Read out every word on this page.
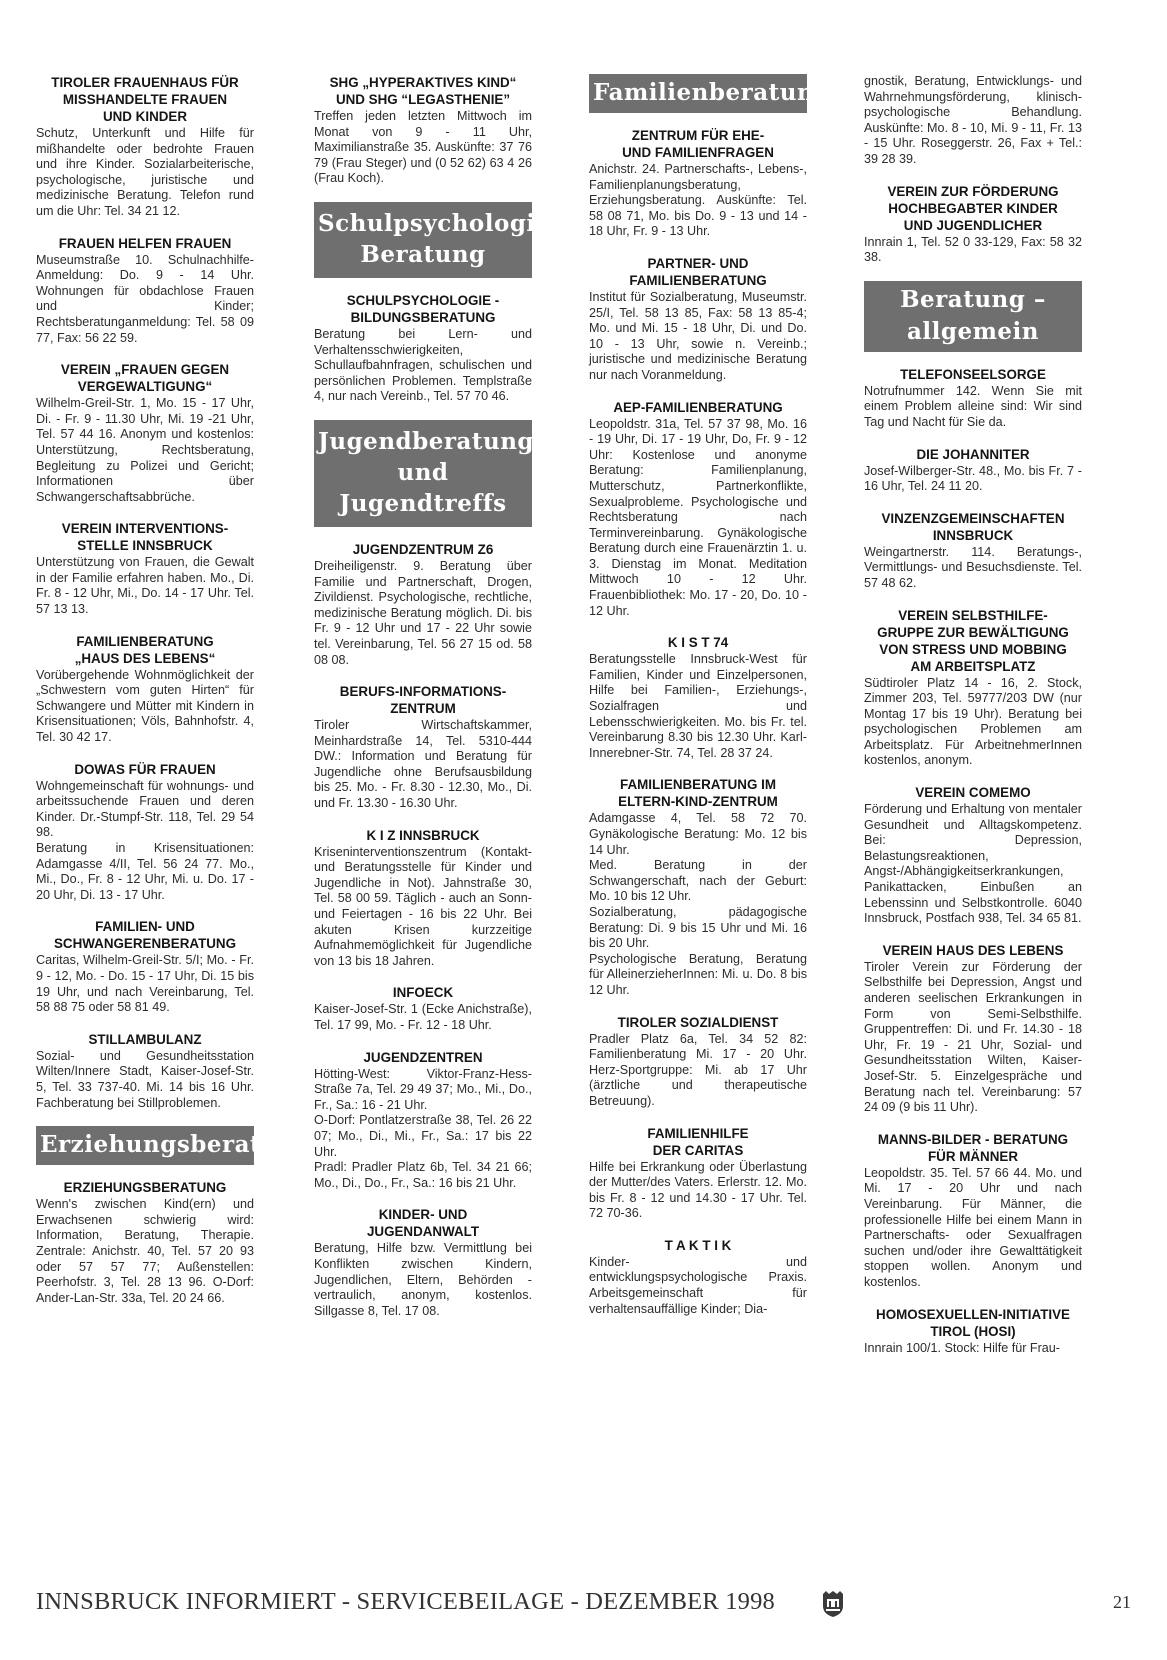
TIROLER FRAUENHAUS FÜR
MISSHANDELTE FRAUEN
UND KINDER
Schutz, Unterkunft und Hilfe für mißhandelte oder bedrohte Frauen und ihre Kinder. Sozialarbeiterische, psychologische, juristische und medizinische Beratung. Telefon rund um die Uhr: Tel. 34 21 12.
FRAUEN HELFEN FRAUEN
Museumstraße 10. Schulnachhilfe-Anmeldung: Do. 9 - 14 Uhr. Wohnungen für obdachlose Frauen und Kinder; Rechtsberatunganmeldung: Tel. 58 09 77, Fax: 56 22 59.
VEREIN „FRAUEN GEGEN
VERGEWALTIGUNG“
Wilhelm-Greil-Str. 1, Mo. 15 - 17 Uhr, Di. - Fr. 9 - 11.30 Uhr, Mi. 19 -21 Uhr, Tel. 57 44 16. Anonym und kostenlos: Unterstützung, Rechtsberatung, Begleitung zu Polizei und Gericht; Informationen über Schwangerschaftsabbrüche.
VEREIN INTERVENTIONS-
STELLE INNSBRUCK
Unterstützung von Frauen, die Gewalt in der Familie erfahren haben. Mo., Di. Fr. 8 - 12 Uhr, Mi., Do. 14 - 17 Uhr. Tel. 57 13 13.
FAMILIENBERATUNG
„HAUS DES LEBENS“
Vorübergehende Wohnmöglichkeit der „Schwestern vom guten Hirten“ für Schwangere und Mütter mit Kindern in Krisensituationen; Völs, Bahnhofstr. 4, Tel. 30 42 17.
DOWAS FÜR FRAUEN
Wohngemeinschaft für wohnungs- und arbeitssuchende Frauen und deren Kinder. Dr.-Stumpf-Str. 118, Tel. 29 54 98.
Beratung in Krisensituationen: Adamgasse 4/II, Tel. 56 24 77. Mo., Mi., Do., Fr. 8 - 12 Uhr, Mi. u. Do. 17 - 20 Uhr, Di. 13 - 17 Uhr.
FAMILIEN- UND
SCHWANGERENBERATUNG
Caritas, Wilhelm-Greil-Str. 5/I; Mo. - Fr. 9 - 12, Mo. - Do. 15 - 17 Uhr, Di. 15 bis 19 Uhr, und nach Vereinbarung, Tel. 58 88 75 oder 58 81 49.
STILLAMBULANZ
Sozial- und Gesundheitsstation Wilten/Innere Stadt, Kaiser-Josef-Str. 5, Tel. 33 737-40. Mi. 14 bis 16 Uhr. Fachberatung bei Stillproblemen.
Erziehungsberatung
ERZIEHUNGSBERATUNG
Wenn's zwischen Kind(ern) und Erwachsenen schwierig wird: Information, Beratung, Therapie. Zentrale: Anichstr. 40, Tel. 57 20 93 oder 57 57 77; Außenstellen: Peerhofstr. 3, Tel. 28 13 96. O-Dorf: Ander-Lan-Str. 33a, Tel. 20 24 66.
SHG „HYPERAKTIVES KIND“
UND SHG “LEGASTHENIE”
Treffen jeden letzten Mittwoch im Monat von 9 - 11 Uhr, Maximilianstraße 35. Auskünfte: 37 76 79 (Frau Steger) und (0 52 62) 63 4 26 (Frau Koch).
Schulpsychologische
Beratung
SCHULPSYCHOLOGIE -
BILDUNGSBERATUNG
Beratung bei Lern- und Verhaltensschwierigkeiten, Schullaufbahnfragen, schulischen und persönlichen Problemen. Templstraße 4, nur nach Vereinb., Tel. 57 70 46.
Jugendberatung
und Jugendtreffs
JUGENDZENTRUM Z6
Dreiheiligenstr. 9. Beratung über Familie und Partnerschaft, Drogen, Zivildienst. Psychologische, rechtliche, medizinische Beratung möglich. Di. bis Fr. 9 - 12 Uhr und 17 - 22 Uhr sowie tel. Vereinbarung, Tel. 56 27 15 od. 58 08 08.
BERUFS-INFORMATIONS-
ZENTRUM
Tiroler Wirtschaftskammer, Meinhardstraße 14, Tel. 5310-444 DW.: Information und Beratung für Jugendliche ohne Berufsausbildung bis 25. Mo. - Fr. 8.30 - 12.30, Mo., Di. und Fr. 13.30 - 16.30 Uhr.
K I Z INNSBRUCK
Kriseninterventionszentrum (Kontakt- und Beratungsstelle für Kinder und Jugendliche in Not). Jahnstraße 30, Tel. 58 00 59. Täglich - auch an Sonn- und Feiertagen - 16 bis 22 Uhr. Bei akuten Krisen kurzzeitige Aufnahmemöglichkeit für Jugendliche von 13 bis 18 Jahren.
INFOECK
Kaiser-Josef-Str. 1 (Ecke Anichstraße), Tel. 17 99, Mo. - Fr. 12 - 18 Uhr.
JUGENDZENTREN
Hötting-West: Viktor-Franz-Hess-Straße 7a, Tel. 29 49 37; Mo., Mi., Do., Fr., Sa.: 16 - 21 Uhr.
O-Dorf: Pontlatzerstraße 38, Tel. 26 22 07; Mo., Di., Mi., Fr., Sa.: 17 bis 22 Uhr.
Pradl: Pradler Platz 6b, Tel. 34 21 66; Mo., Di., Do., Fr., Sa.: 16 bis 21 Uhr.
KINDER- UND
JUGENDANWALT
Beratung, Hilfe bzw. Vermittlung bei Konflikten zwischen Kindern, Jugendlichen, Eltern, Behörden - vertraulich, anonym, kostenlos. Sillgasse 8, Tel. 17 08.
Familienberatung
ZENTRUM FÜR EHE-
UND FAMILIENFRAGEN
Anichstr. 24. Partnerschafts-, Lebens-, Familienplanungsberatung, Erziehungsberatung. Auskünfte: Tel. 58 08 71, Mo. bis Do. 9 - 13 und 14 - 18 Uhr, Fr. 9 - 13 Uhr.
PARTNER- UND
FAMILIENBERATUNG
Institut für Sozialberatung, Museumstr. 25/I, Tel. 58 13 85, Fax: 58 13 85-4; Mo. und Mi. 15 - 18 Uhr, Di. und Do. 10 - 13 Uhr, sowie n. Vereinb.; juristische und medizinische Beratung nur nach Voranmeldung.
AEP-FAMILIENBERATUNG
Leopoldstr. 31a, Tel. 57 37 98, Mo. 16 - 19 Uhr, Di. 17 - 19 Uhr, Do, Fr. 9 - 12 Uhr: Kostenlose und anonyme Beratung: Familienplanung, Mutterschutz, Partnerkonflikte, Sexualprobleme. Psychologische und Rechtsberatung nach Terminvereinbarung. Gynäkologische Beratung durch eine Frauenärztin 1. u. 3. Dienstag im Monat. Meditation Mittwoch 10 - 12 Uhr. Frauenbibliothek: Mo. 17 - 20, Do. 10 - 12 Uhr.
K I S T 74
Beratungsstelle Innsbruck-West für Familien, Kinder und Einzelpersonen, Hilfe bei Familien-, Erziehungs-, Sozialfragen und Lebensschwierigkeiten. Mo. bis Fr. tel. Vereinbarung 8.30 bis 12.30 Uhr. Karl-Innerebner-Str. 74, Tel. 28 37 24.
FAMILIENBERATUNG IM
ELTERN-KIND-ZENTRUM
Adamgasse 4, Tel. 58 72 70. Gynäkologische Beratung: Mo. 12 bis 14 Uhr.
Med. Beratung in der Schwangerschaft, nach der Geburt: Mo. 10 bis 12 Uhr.
Sozialberatung, pädagogische Beratung: Di. 9 bis 15 Uhr und Mi. 16 bis 20 Uhr.
Psychologische Beratung, Beratung für AlleinerzieherInnen: Mi. u. Do. 8 bis 12 Uhr.
TIROLER SOZIALDIENST
Pradler Platz 6a, Tel. 34 52 82: Familienberatung Mi. 17 - 20 Uhr. Herz-Sportgruppe: Mi. ab 17 Uhr (ärztliche und therapeutische Betreuung).
FAMILIENHILFE
DER CARITAS
Hilfe bei Erkrankung oder Überlastung der Mutter/des Vaters. Erlerstr. 12. Mo. bis Fr. 8 - 12 und 14.30 - 17 Uhr. Tel. 72 70-36.
T A K T I K
Kinder- und entwicklungspsychologische Praxis. Arbeitsgemeinschaft für verhaltensauffällige Kinder; Dia-
gnostik, Beratung, Entwicklungs- und Wahrnehmungsförderung, klinisch-psychologische Behandlung. Auskünfte: Mo. 8 - 10, Mi. 9 - 11, Fr. 13 - 15 Uhr. Roseggerstr. 26, Fax + Tel.: 39 28 39.
VEREIN ZUR FÖRDERUNG
HOCHBEGABTER KINDER
UND JUGENDLICHER
Innrain 1, Tel. 52 0 33-129, Fax: 58 32 38.
Beratung – allgemein
TELEFONSEELSORGE
Notrufnummer 142. Wenn Sie mit einem Problem alleine sind: Wir sind Tag und Nacht für Sie da.
DIE JOHANNITER
Josef-Wilberger-Str. 48., Mo. bis Fr. 7 - 16 Uhr, Tel. 24 11 20.
VINZENZGEMEINSCHAFTEN
INNSBRUCK
Weingartnerstr. 114. Beratungs-, Vermittlungs- und Besuchsdienste. Tel. 57 48 62.
VEREIN SELBSTHILFE-
GRUPPE ZUR BEWÄLTIGUNG
VON STRESS UND MOBBING
AM ARBEITSPLATZ
Südtiroler Platz 14 - 16, 2. Stock, Zimmer 203, Tel. 59777/203 DW (nur Montag 17 bis 19 Uhr). Beratung bei psychologischen Problemen am Arbeitsplatz. Für ArbeitnehmerInnen kostenlos, anonym.
VEREIN COMEMO
Förderung und Erhaltung von mentaler Gesundheit und Alltagskompetenz. Bei: Depression, Belastungsreaktionen, Angst-/Abhängigkeitserkrankungen, Panikattacken, Einbußen an Lebenssinn und Selbstkontrolle. 6040 Innsbruck, Postfach 938, Tel. 34 65 81.
VEREIN HAUS DES LEBENS
Tiroler Verein zur Förderung der Selbsthilfe bei Depression, Angst und anderen seelischen Erkrankungen in Form von Semi-Selbsthilfe. Gruppentreffen: Di. und Fr. 14.30 - 18 Uhr, Fr. 19 - 21 Uhr, Sozial- und Gesundheitsstation Wilten, Kaiser-Josef-Str. 5. Einzelgespräche und Beratung nach tel. Vereinbarung: 57 24 09 (9 bis 11 Uhr).
MANNS-BILDER - BERATUNG
FÜR MÄNNER
Leopoldstr. 35. Tel. 57 66 44. Mo. und Mi. 17 - 20 Uhr und nach Vereinbarung. Für Männer, die professionelle Hilfe bei einem Mann in Partnerschafts- oder Sexualfragen suchen und/oder ihre Gewalttätigkeit stoppen wollen. Anonym und kostenlos.
HOMOSEXUELLEN-INITIATIVE
TIROL (HOSI)
Innrain 100/1. Stock: Hilfe für Frau-
INNSBRUCK INFORMIERT - SERVICEBEILAGE - DEZEMBER 1998	21
